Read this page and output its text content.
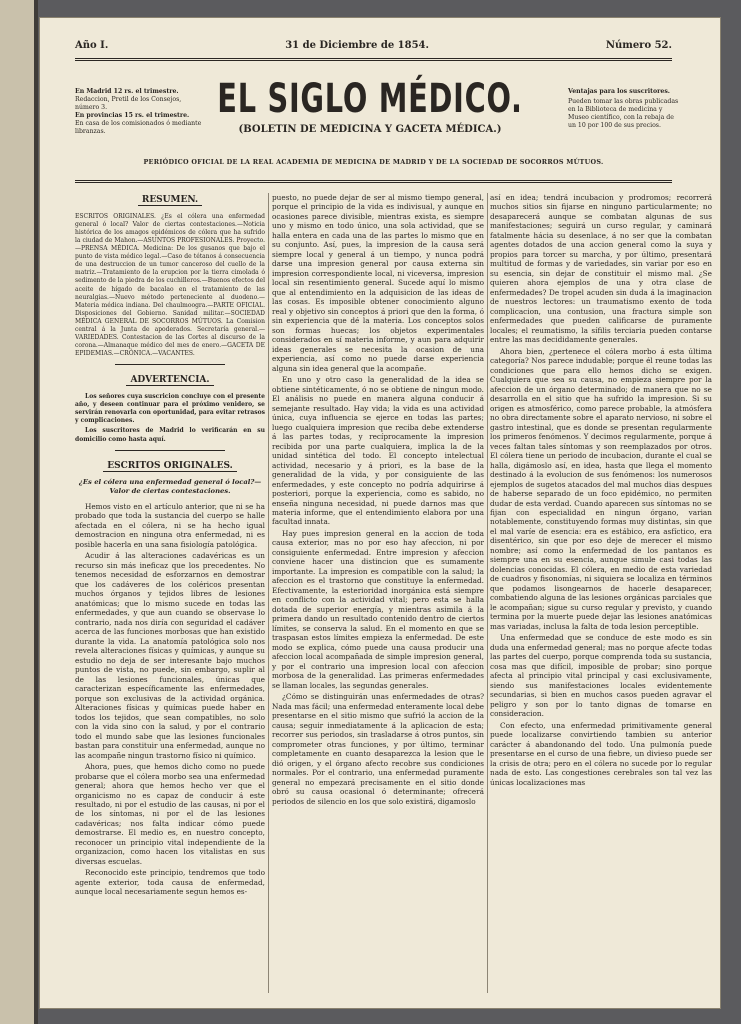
Año I.	31 de Diciembre de 1854.	Número 52.
En Madrid 12 rs. el trimestre.
Redaccion, Pretil de los Consejos, número 3.
En provincias 15 rs. el trimestre.
En casa de los comisionados ó mediante libranzas.
EL SIGLO MÉDICO.
(BOLETIN DE MEDICINA Y GACETA MÉDICA.)
Ventajas para los suscritores.
Pueden tomar las obras publicadas en la Biblioteca de medicina y Museo científico, con la rebaja de un 10 por 100 de sus precios.
PERIÓDICO OFICIAL DE LA REAL ACADEMIA DE MEDICINA DE MADRID Y DE LA SOCIEDAD DE SOCORROS MÚTUOS.
RESUMEN.
ESCRITOS ORIGINALES. ¿Es el cólera una enfermedad general ó local? Valor de ciertas contestaciones.—Noticia histórica de los amagos epidémicos de cólera que ha sufrido la ciudad de Mahon.—ASUNTOS PROFESIONALES. Proyecto.—PRENSA MÉDICA. Medicina: De los gusanos que bajo el punto de vista médico legal.—Caso de tétanos á consecuencia de una destruccion de un tumor canceroso del cuello de la matriz.—Tratamiento de la erupcion por la tierra cimolada ó sedimento de la piedra de los cuchilleros.—Buenos efectos del aceite de hígado de bacalao en el tratamiento de las neuralgias.—Nuevo método perteneciente al duodeno.—Materia médica indiana. Del chaulmoogra.—PARTE OFICIAL. Disposiciones del Gobierno. Sanidad militar.—SOCIEDAD MÉDICA GENERAL DE SOCORROS MÚTUOS. La Comision central á la Junta de apoderados. Secretaría general.—VARIEDADES. Contestacion de las Cortes al discurso de la corona.—Almanaque médico del mes de enero.—GACETA DE EPIDEMIAS.—CRÓNICA.—VACANTES.
ADVERTENCIA.

Los señores cuya suscricion concluye con el presente año, y deseen continuar para el próximo venidero, se servirán renovarla con oportunidad, para evitar retrasos y complicaciones.

Los suscritores de Madrid lo verificarán en su domicilio como hasta aquí.

ESCRITOS ORIGINALES.
¿Es el cólera una enfermedad general ó local?—Valor de ciertas contestaciones.

Hemos visto en el artículo anterior, que ni se ha probado que toda la sustancia del cuerpo se halle afectada en el cólera, ni se ha hecho igual demostracion en ninguna otra enfermedad, ni es posible hacerla en una sana fisiología patológica.

Acudir á las alteraciones cadavéricas es un recurso sin más ineficaz que los precedentes. No tenemos necesidad de esforzarnos en demostrar que los cadáveres de los coléricos presentan muchos órganos y tejidos libres de lesiones anatómicas; que lo mismo sucede en todas las enfermedades, y que aun cuando se observase lo contrario, nada nos diría con seguridad el cadáver acerca de las funciones morbosas que han existido durante la vida. La anatomía patológica solo nos revela alteraciones físicas y químicas, y aunque su estudio no deja de ser interesante bajo muchos puntos de vista, no puede, sin embargo, suplir al de las lesiones funcionales, únicas que caracterizan específicamente las enfermedades, porque son exclusivas de la actividad orgánica. Alteraciones físicas y químicas puede haber en todos los tejidos, que sean compatibles, no solo con la vida sino con la salud, y por el contrario todo el mundo sabe que las lesiones funcionales bastan para constituir una enfermedad, aunque no las acompañe ningun trastorno físico ni químico.

Ahora, pues, que hemos dicho como no puede probarse que el cólera morbo sea una enfermedad general; ahora que hemos hecho ver que el organicismo no es capaz de conducir á este resultado, ni por el estudio de las causas, ni por el de los síntomas, ni por el de las lesiones cadavéricas; nos falta indicar cómo puede demostrarse. El medio es, en nuestro concepto, reconocer un principio vital independiente de la organizacion, como hacen los vitalistas en sus diversas escuelas.

Reconocido este principio, tendremos que todo agente exterior, toda causa de enfermedad, aunque local necesariamente segun hemos es-

puesto, no puede dejar de ser al mismo tiempo general, porque el principio de la vida es indivisual, y aunque en ocasiones parece divisible, mientras exista, es siempre uno y mismo en todo único, una sola actividad, que se halla entera en cada una de las partes lo mismo que en su conjunto. Así, pues, la impresion de la causa será siempre local y general á un tiempo, y nunca podrá darse una impresion general por causa externa sin impresion correspondiente local, ni viceversa, impresion local sin resentimiento general. Sucede aquí lo mismo que al entendimiento en la adquisicion de las ideas de las cosas. Es imposible obtener conocimiento alguno real y objetivo sin conceptos á priori que den la forma, ó sin experiencia que dé la materia. Los conceptos solos son formas huecas; los objetos experimentales considerados en sí materia informe, y aun para adquirir ideas generales se necesita la ocasion de una experiencia, así como no puede darse experiencia alguna sin idea general que la acompañe.

En uno y otro caso la generalidad de la idea se obtiene sintéticamente, ó no se obtiene de ningun modo. El análisis no puede en manera alguna conducir á semejante resultado. Hay vida; la vida es una actividad única, cuya influencia se ejerce en todas las partes; luego cualquiera impresion que reciba debe extenderse á las partes todas, y recíprocamente la impresion recibida por una parte cualquiera, implica la de la unidad sintética del todo. El concepto intelectual actividad, necesario y á priori, es la base de la generalidad de la vida, y por consiguiente de las enfermedades, y este concepto no podría adquirirse á posteriori, porque la experiencia, como es sabido, no enseña ninguna necesidad, ni puede darnos mas que materia informe, que el entendimiento elabora por una facultad innata.

Hay pues impresion general en la accion de toda causa exterior, mas no por eso hay afeccion, ni por consiguiente enfermedad. Entre impresion y afeccion conviene hacer una distincion que es sumamente importante. La impresion es compatible con la salud; la afeccion es el trastorno que constituye la enfermedad. Efectivamente, la esterioridad inorgánica está siempre en conflicto con la actividad vital; pero esta se halla dotada de superior energía, y mientras asimila á la primera dando un resultado contenido dentro de ciertos límites, se conserva la salud. En el momento en que se traspasan estos límites empieza la enfermedad. De este modo se explica, cómo puede una causa producir una afeccion local acompañada de simple impresion general, y por el contrario una impresion local con afeccion morbosa de la generalidad. Las primeras enfermedades se llaman locales, las segundas generales.

¿Cómo se distinguirán unas enfermedades de otras? Nada mas fácil; una enfermedad enteramente local debe presentarse en el sitio mismo que sufrió la accion de la causa; seguir inmediatamente á la aplicacion de esta; recorrer sus periodos, sin trasladarse á otros puntos, sin comprometer otras funciones, y por último, terminar completamente en cuanto desaparezca la lesion que le dió origen, y el órgano afecto recobre sus condiciones normales. Por el contrario, una enfermedad puramente general no empezará precisamente en el sitio donde obró su causa ocasional ó determinante; ofrecerá periodos de silencio en los que solo existirá, digamoslo

así en idea; tendrá incubacion y prodromos; recorrerá muchos sitios sin fijarse en ninguno particularmente; no desaparecerá aunque se combatan algunas de sus manifestaciones; seguirá un curso regular, y caminará fatalmente hácia su desenlace, á no ser que la combatan agentes dotados de una accion general como la suya y propios para torcer su marcha, y por último, presentará multitud de formas y de variedades, sin variar por eso en su esencia, sin dejar de constituir el mismo mal. ¿Se quieren ahora ejemplos de una y otra clase de enfermedades? De tropel acuden sin duda á la imaginacion de nuestros lectores: un traumatismo exento de toda complicacion, una contusion, una fractura simple son enfermedades que pueden calificarse de puramente locales; el reumatismo, la sífilis terciaria pueden contarse entre las mas decididamente generales.

Ahora bien, ¿pertenece el cólera morbo á esta última categoría? Nos parece indudable; porque él reune todas las condiciones que para ello hemos dicho se exigen. Cualquiera que sea su causa, no empieza siempre por la afeccion de un órgano determinado; de manera que no se desarrolla en el sitio que ha sufrido la impresion. Si su origen es atmosférico, como parece probable, la atmósfera no obra directamente sobre el aparato nervioso, ni sobre el gastro intestinal, que es donde se presentan regularmente los primeros fenómenos. Y decimos regularmente, porque á veces faltan tales síntomas y son reemplazados por otros. El cólera tiene un periodo de incubacion, durante el cual se halla, digámoslo así, en idea, hasta que llega el momento destinado á la evolucion de sus fenómenos: los numerosos ejemplos de sugetos atacados del mal muchos dias despues de haberse separado de un foco epidémico, no permiten dudar de esta verdad. Cuando aparecen sus síntomas no se fijan con especialidad en ningun órgano, varian notablemente, constituyendo formas muy distintas, sin que el mal varíe de esencia: era es estábico, era asfíctico, era disentérico, sin que por eso deje de merecer el mismo nombre; así como la enfermedad de los pantanos es siempre una en su esencia, aunque simule casi todas las dolencias conocidas. El cólera, en medio de esta variedad de cuadros y fisonomías, ni siquiera se localiza en términos que podamos lisongearnos de hacerle desaparecer, combatiendo alguna de las lesiones orgánicas parciales que le acompañan; sigue su curso regular y previsto, y cuando termina por la muerte puede dejar las lesiones anatómicas mas variadas, inclusa la falta de toda lesion perceptible.

Una enfermedad que se conduce de este modo es sin duda una enfermedad general; mas no porque afecte todas las partes del cuerpo, porque comprenda toda su sustancia, cosa mas que difícil, imposible de probar; sino porque afecta al principio vital principal y casi exclusivamente, siendo sus manifestaciones locales evidentemente secundarias, si bien en muchos casos pueden agravar el peligro y son por lo tanto dignas de tomarse en consideracion.

Con efecto, una enfermedad primitivamente general puede localizarse convirtiendo tambien su anterior carácter á abandonando del todo. Una pulmonía puede presentarse en el curso de una fiebre, un divieso puede ser la crisis de otra; pero en el cólera no sucede por lo regular nada de esto. Las congestiones cerebrales son tal vez las únicas localizaciones mas
